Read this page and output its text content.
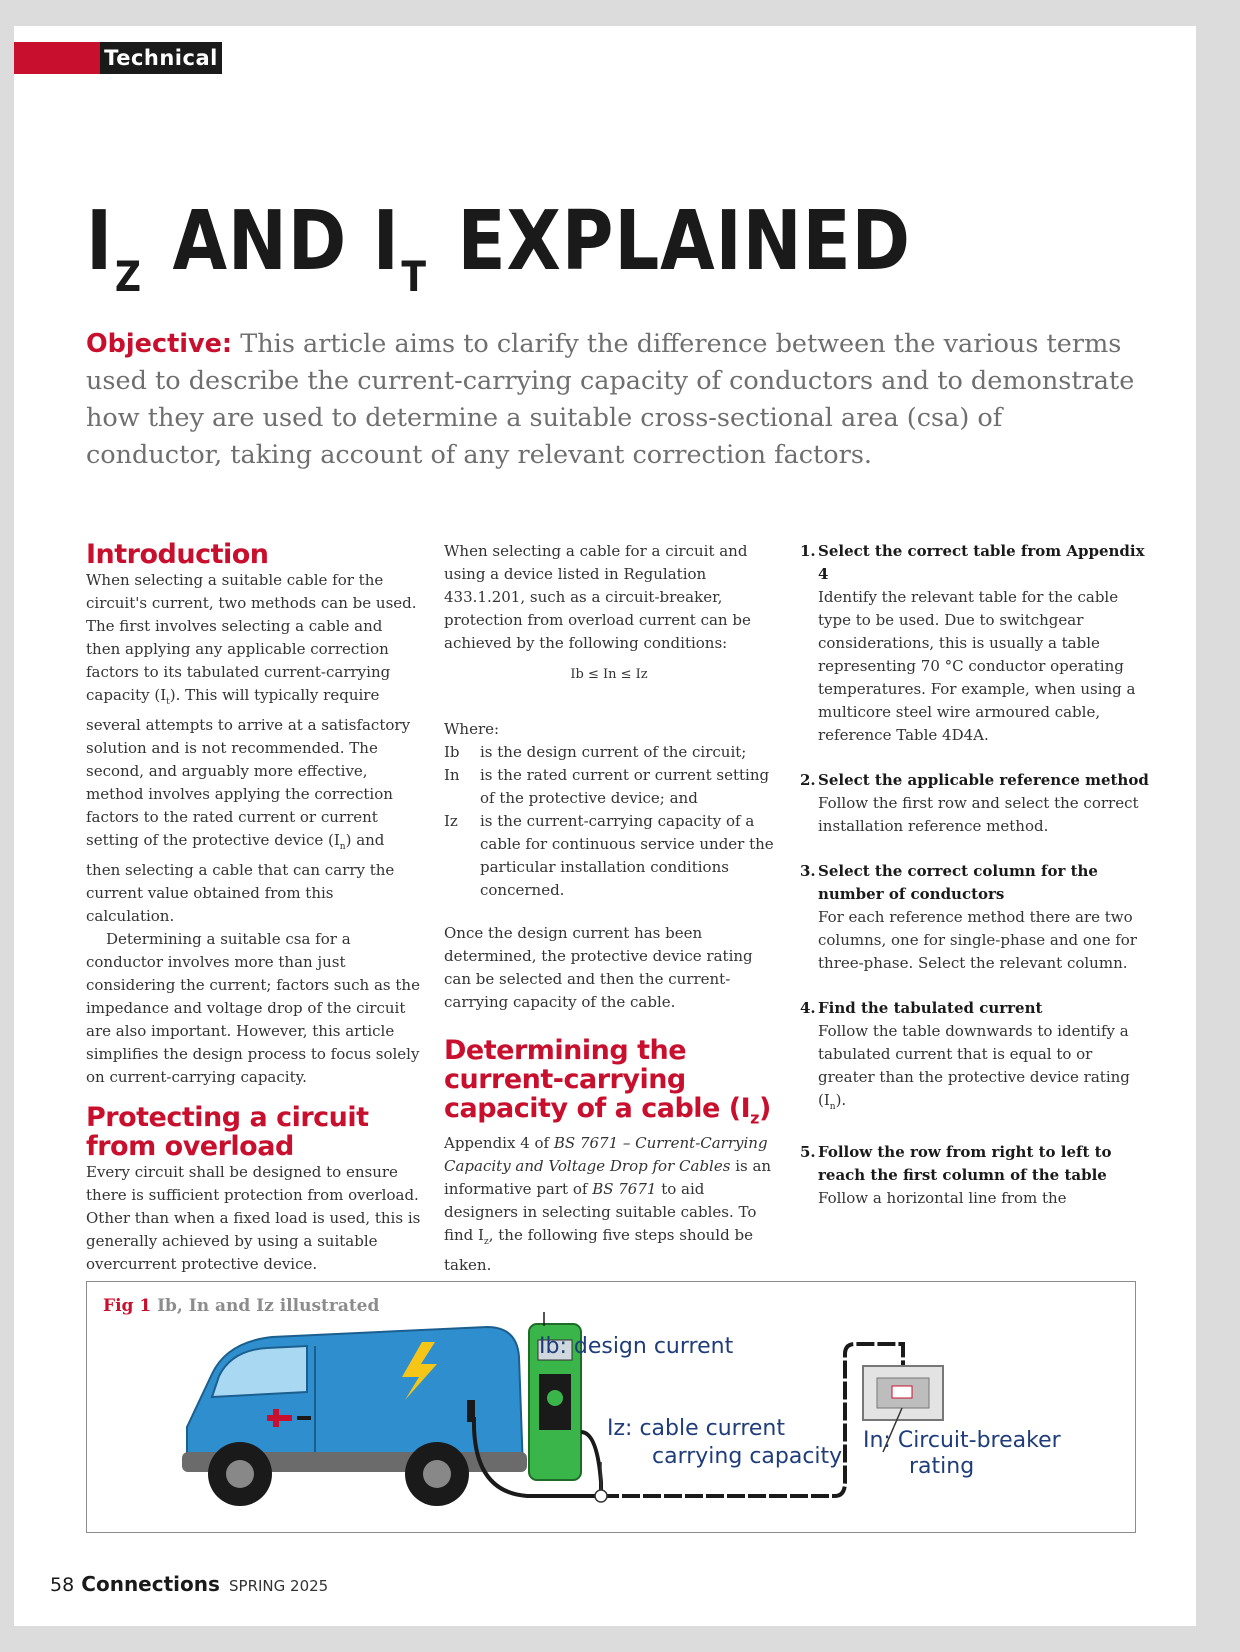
Technical
$I_Z$ AND $I_T$ EXPLAINED

Objective: This article aims to clarify the difference between the various terms used to describe the current-carrying capacity of conductors and to demonstrate how they are used to determine a suitable cross-sectional area (csa) of conductor, taking account of any relevant correction factors.

Introduction

When selecting a suitable cable for the circuit's current, two methods can be used. The first involves selecting a cable and then applying any applicable correction factors to its tabulated current-carrying capacity $(I_t)$. This will typically require several attempts to arrive at a satisfactory solution and is not recommended. The second, and arguably more effective, method involves applying the correction factors to the rated current or current setting of the protective device $(I_n)$ and then selecting a cable that can carry the current value obtained from this calculation.

Determining a suitable csa for a conductor involves more than just considering the current; factors such as the impedance and voltage drop of the circuit are also important. However, this article simplifies the design process to focus solely on current-carrying capacity.

Protecting a circuit
from overload

Every circuit shall be designed to ensure there is sufficient protection from overload. Other than when a fixed load is used, this is generally achieved by using a suitable overcurrent protective device.

When selecting a cable for a circuit and using a device listed in Regulation 433.1.201, such as a circuit-breaker, protection from overload current can be achieved by the following conditions:

Ib ≤ In ≤ Iz

Where:

Ib	is the design current of the circuit;
In	is the rated current or current setting of the protective device; and
Iz	is the current-carrying capacity of a cable for continuous service under the particular installation conditions concerned.

Once the design current has been determined, the protective device rating can be selected and then the current-carrying capacity of the cable.

Determining the
current-carrying
capacity of a cable $(I_z)$

Appendix 4 of BS 7671 – Current-Carrying Capacity and Voltage Drop for Cables is an informative part of BS 7671 to aid designers in selecting suitable cables. To find $I_z$, the following five steps should be taken.

1. Select the correct table from Appendix 4
Identify the relevant table for the cable type to be used. Due to switchgear considerations, this is usually a table representing 70 °C conductor operating temperatures. For example, when using a multicore steel wire armoured cable, reference Table 4D4A.
2. Select the applicable reference method
Follow the first row and select the correct installation reference method.
3. Select the correct column for the number of conductors
For each reference method there are two columns, one for single-phase and one for three-phase. Select the relevant column.
4. Find the tabulated current
Follow the table downwards to identify a tabulated current that is equal to or greater than the protective device rating $(I_n)$.
5. Follow the row from right to left to reach the first column of the table
Follow a horizontal line from the
Fig 1 Ib, In and Iz illustrated
Ib: design current
Iz: cable current
carrying capacity
In: Circuit-breaker
rating
58 Connections SPRING 2025
